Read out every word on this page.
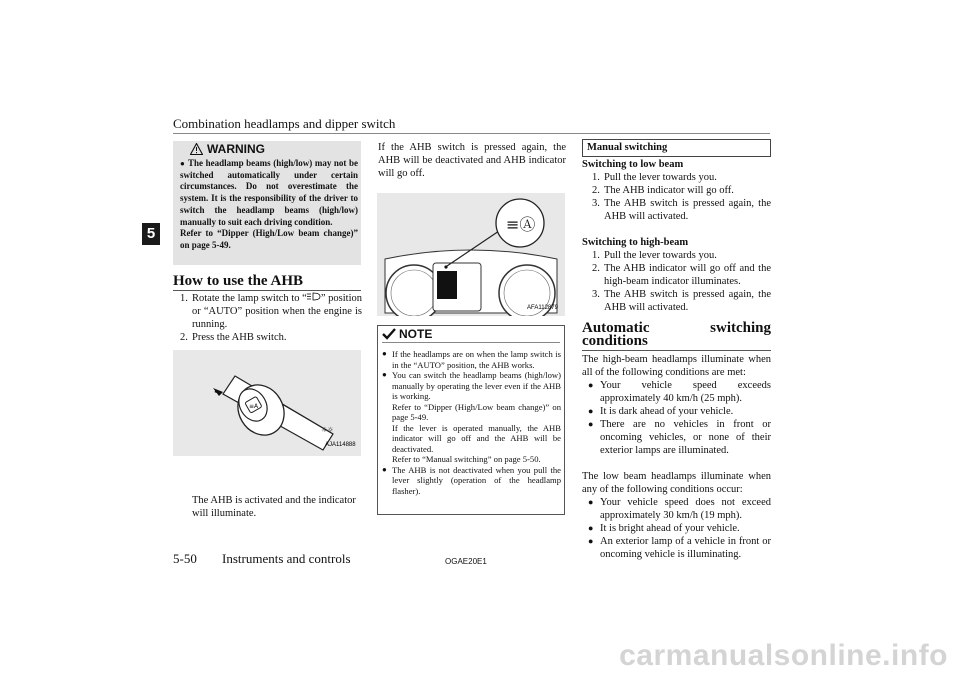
Combination headlamps and dipper switch
5
WARNING
● The headlamp beams (high/low) may not be switched automatically under certain circumstances. Do not overestimate the system. It is the responsibility of the driver to switch the headlamp beams (high/low) manually to suit each driving condition.
Refer to “Dipper (High/Low beam change)” on page 5-49.
How to use the AHB
1. Rotate the lamp switch to “ ” position or “AUTO” position when the engine is running.
2. Press the AHB switch.
≡A
☼☼
AJA114888
The AHB is activated and the indicator will illuminate.
If the AHB switch is pressed again, the AHB will be deactivated and AHB indicator will go off.
≡Ⓐ
AFA112879
NOTE
● If the headlamps are on when the lamp switch is in the “AUTO” position, the AHB works.
● You can switch the headlamp beams (high/low) manually by operating the lever even if the AHB is working.
Refer to “Dipper (High/Low beam change)” on page 5-49.
If the lever is operated manually, the AHB indicator will go off and the AHB will be deactivated.
Refer to “Manual switching” on page 5-50.
● The AHB is not deactivated when you pull the lever slightly (operation of the headlamp flasher).
Manual switching
Switching to low beam
1. Pull the lever towards you.
2. The AHB indicator will go off.
3. The AHB switch is pressed again, the AHB will activated.
Switching to high-beam
1. Pull the lever towards you.
2. The AHB indicator will go off and the high-beam indicator illuminates.
3. The AHB switch is pressed again, the AHB will activated.
Automatic switching conditions
The high-beam headlamps illuminate when all of the following conditions are met:
● Your vehicle speed exceeds approximately 40 km/h (25 mph).
● It is dark ahead of your vehicle.
● There are no vehicles in front or oncoming vehicles, or none of their exterior lamps are illuminated.
The low beam headlamps illuminate when any of the following conditions occur:
● Your vehicle speed does not exceed approximately 30 km/h (19 mph).
● It is bright ahead of your vehicle.
● An exterior lamp of a vehicle in front or oncoming vehicle is illuminating.
5-50 Instruments and controls	OGAE20E1
carmanualsonline.info
